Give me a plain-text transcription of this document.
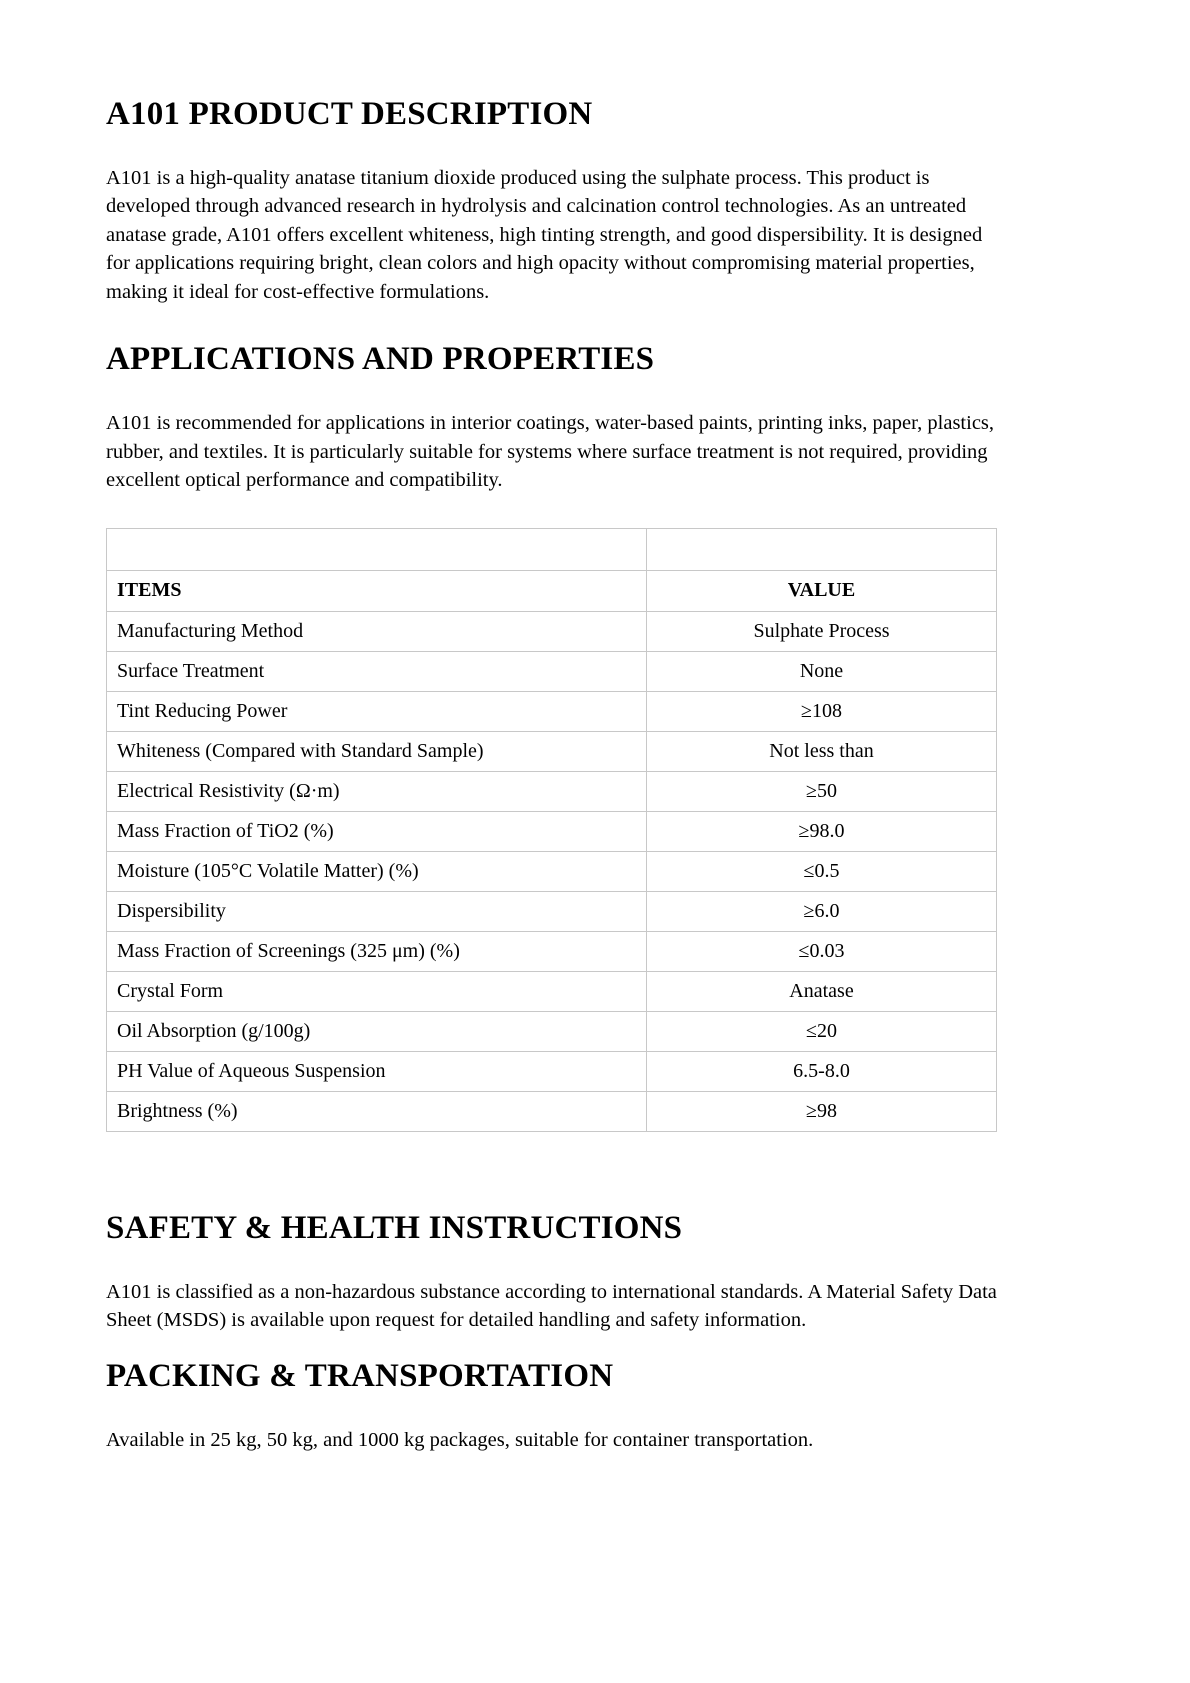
A101 PRODUCT DESCRIPTION

A101 is a high-quality anatase titanium dioxide produced using the sulphate process. This product is developed through advanced research in hydrolysis and calcination control technologies. As an untreated anatase grade, A101 offers excellent whiteness, high tinting strength, and good dispersibility. It is designed for applications requiring bright, clean colors and high opacity without compromising material properties, making it ideal for cost-effective formulations.

APPLICATIONS AND PROPERTIES

A101 is recommended for applications in interior coatings, water-based paints, printing inks, paper, plastics, rubber, and textiles. It is particularly suitable for systems where surface treatment is not required, providing excellent optical performance and compatibility.

ITEMS	VALUE
Manufacturing Method	Sulphate Process
Surface Treatment	None
Tint Reducing Power	≥108
Whiteness (Compared with Standard Sample)	Not less than
Electrical Resistivity (Ω·m)	≥50
Mass Fraction of TiO2 (%)	≥98.0
Moisture (105°C Volatile Matter) (%)	≤0.5
Dispersibility	≥6.0
Mass Fraction of Screenings (325 μm) (%)	≤0.03
Crystal Form	Anatase
Oil Absorption (g/100g)	≤20
PH Value of Aqueous Suspension	6.5-8.0
Brightness (%)	≥98
SAFETY & HEALTH INSTRUCTIONS

A101 is classified as a non-hazardous substance according to international standards. A Material Safety Data Sheet (MSDS) is available upon request for detailed handling and safety information.

PACKING & TRANSPORTATION

Available in 25 kg, 50 kg, and 1000 kg packages, suitable for container transportation.
